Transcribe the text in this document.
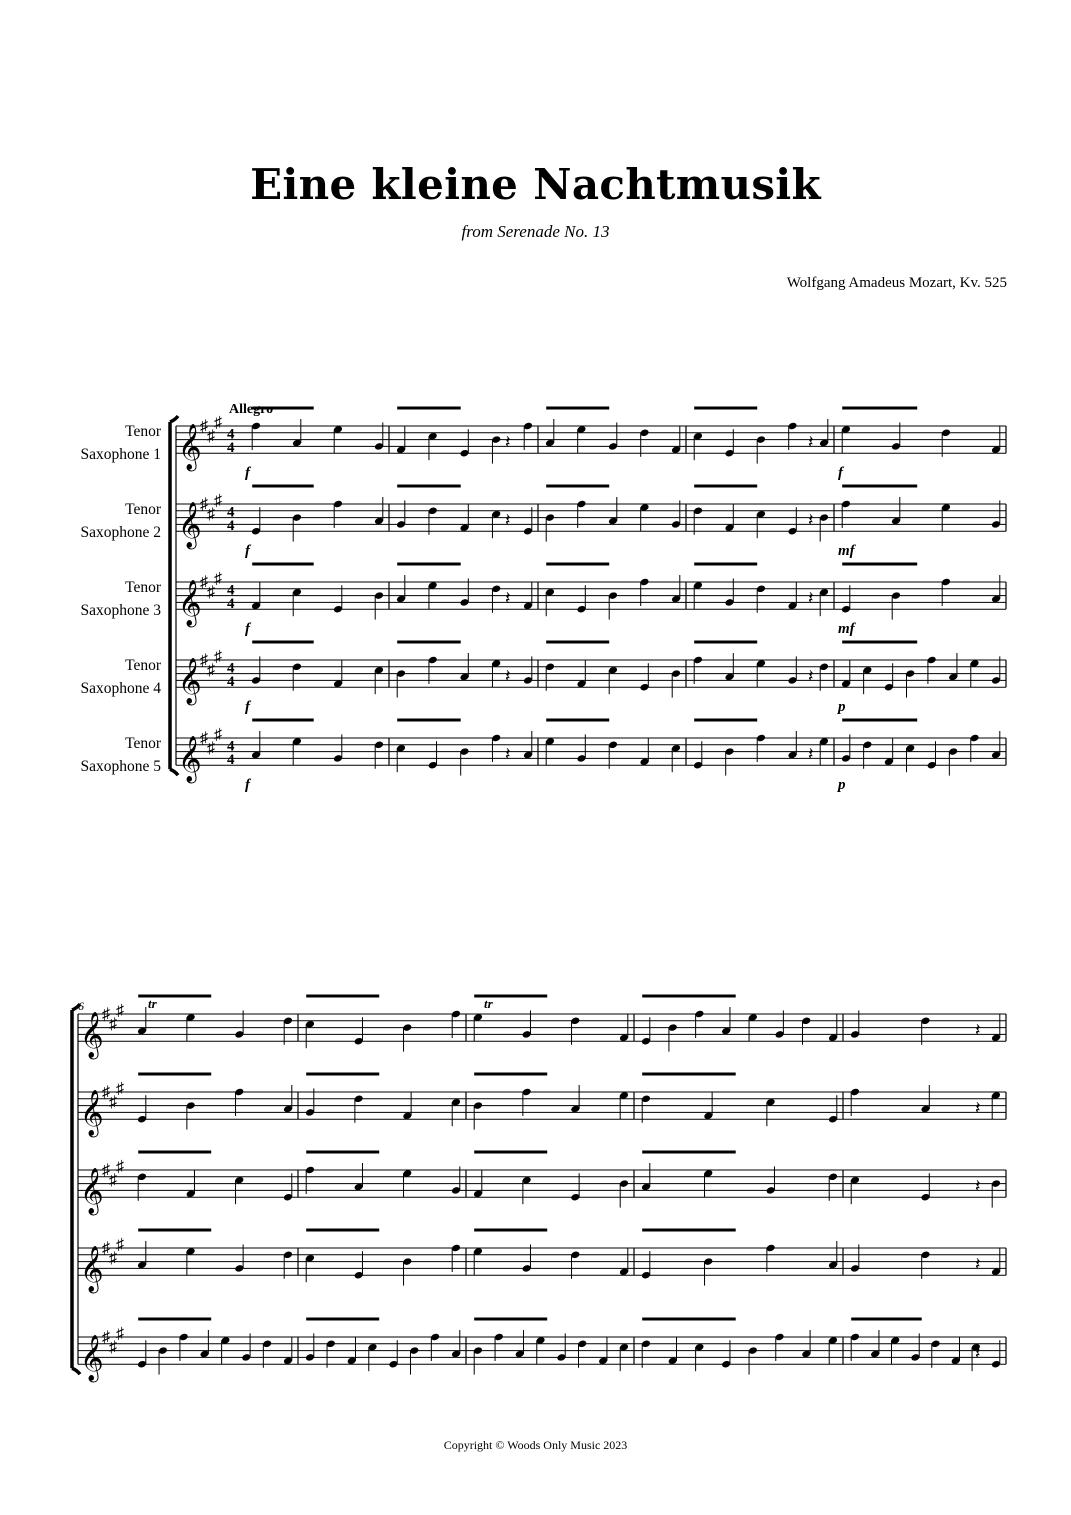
Eine kleine Nachtmusik
from Serenade No. 13
Wolfgang Amadeus Mozart, Kv. 525
Tenor
Saxophone 1
Tenor
Saxophone 2
Tenor
Saxophone 3
Tenor
Saxophone 4
Tenor
Saxophone 5
Allegro
6
𝄞
♯
♯
♯
4
4	𝄽	𝄽
f	f
𝄞
♯
♯
♯
4
4	𝄽	𝄽
f	mf
𝄞
♯
♯
♯
4
4	𝄽	𝄽
f	mf
𝄞
♯
♯
♯
4
4	𝄽	𝄽
f	p
𝄞
♯
♯
♯
4
4	𝄽	𝄽
f	p
𝄞
♯
♯
♯
𝄽
𝄞
♯
♯
♯
𝄽
𝄞
♯
♯
♯
𝄽
𝄞
♯
♯
♯
𝄽
𝄞
♯
♯
♯
𝄽
tr	tr
Copyright © Woods Only Music 2023
